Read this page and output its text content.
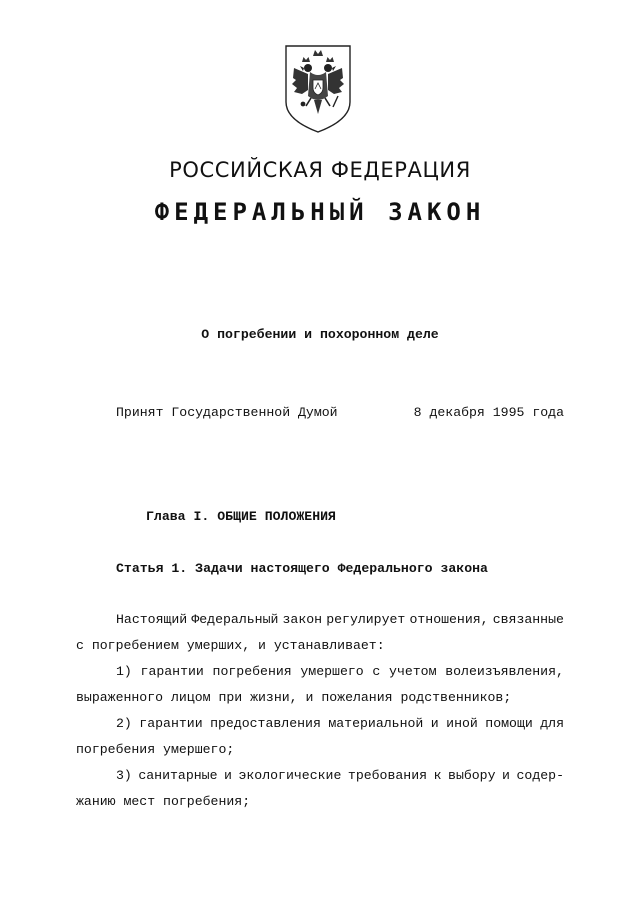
РОССИЙСКАЯ ФЕДЕРАЦИЯ
ФЕДЕРАЛЬНЫЙ ЗАКОН
О погребении и похоронном деле
Принят Государственной Думой	8 декабря 1995 года
Глава I. ОБЩИЕ ПОЛОЖЕНИЯ
Статья 1. Задачи настоящего Федерального закона
Настоящий Федеральный закон регулирует отношения, связанные
с погребением умерших, и устанавливает:
1) гарантии погребения умершего с учетом волеизъявления,
выраженного лицом при жизни, и пожелания родственников;
2) гарантии предоставления материальной и иной помощи для
погребения умершего;
3) санитарные и экологические требования к выбору и содер-
жанию мест погребения;
